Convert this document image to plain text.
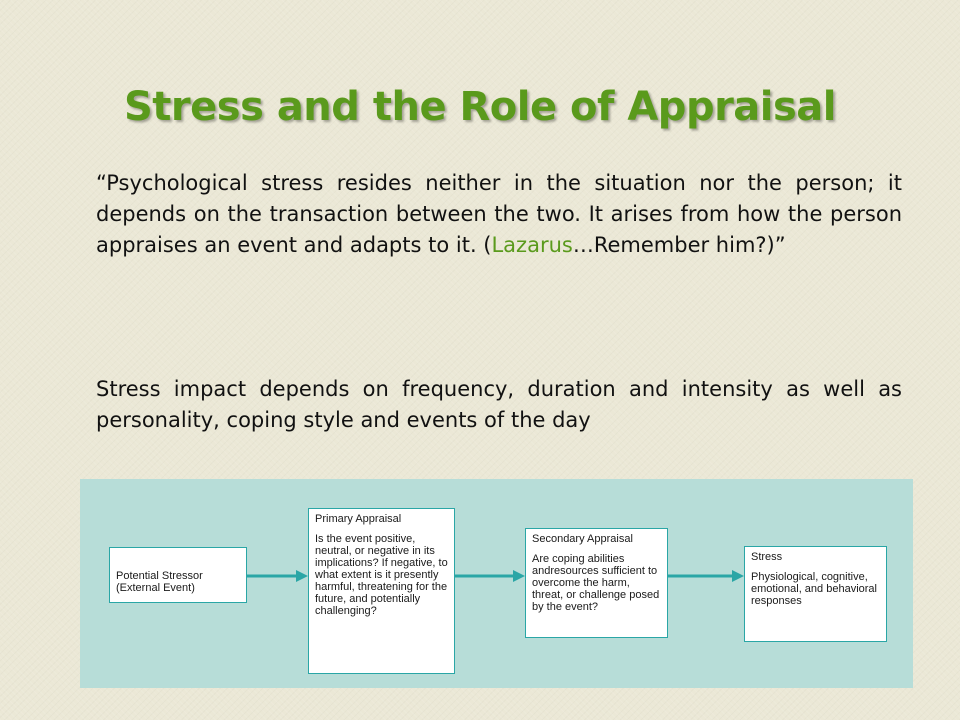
Stress and the Role of Appraisal

“Psychological stress resides neither in the situation nor the person; it depends on the transaction between the two. It arises from how the person appraises an event and adapts to it. (Lazarus…Remember him?)”

Stress impact depends on frequency, duration and intensity as well as personality, coping style and events of the day

Potential Stressor (External Event)
Primary Appraisal
Is the event positive, neutral, or negative in its implications? If negative, to what extent is it presently harmful, threatening for the future, and potentially challenging?
Secondary Appraisal
Are coping abilities andresources sufficient to overcome the harm, threat, or challenge posed by the event?
Stress
Physiological, cognitive, emotional, and behavioral responses
